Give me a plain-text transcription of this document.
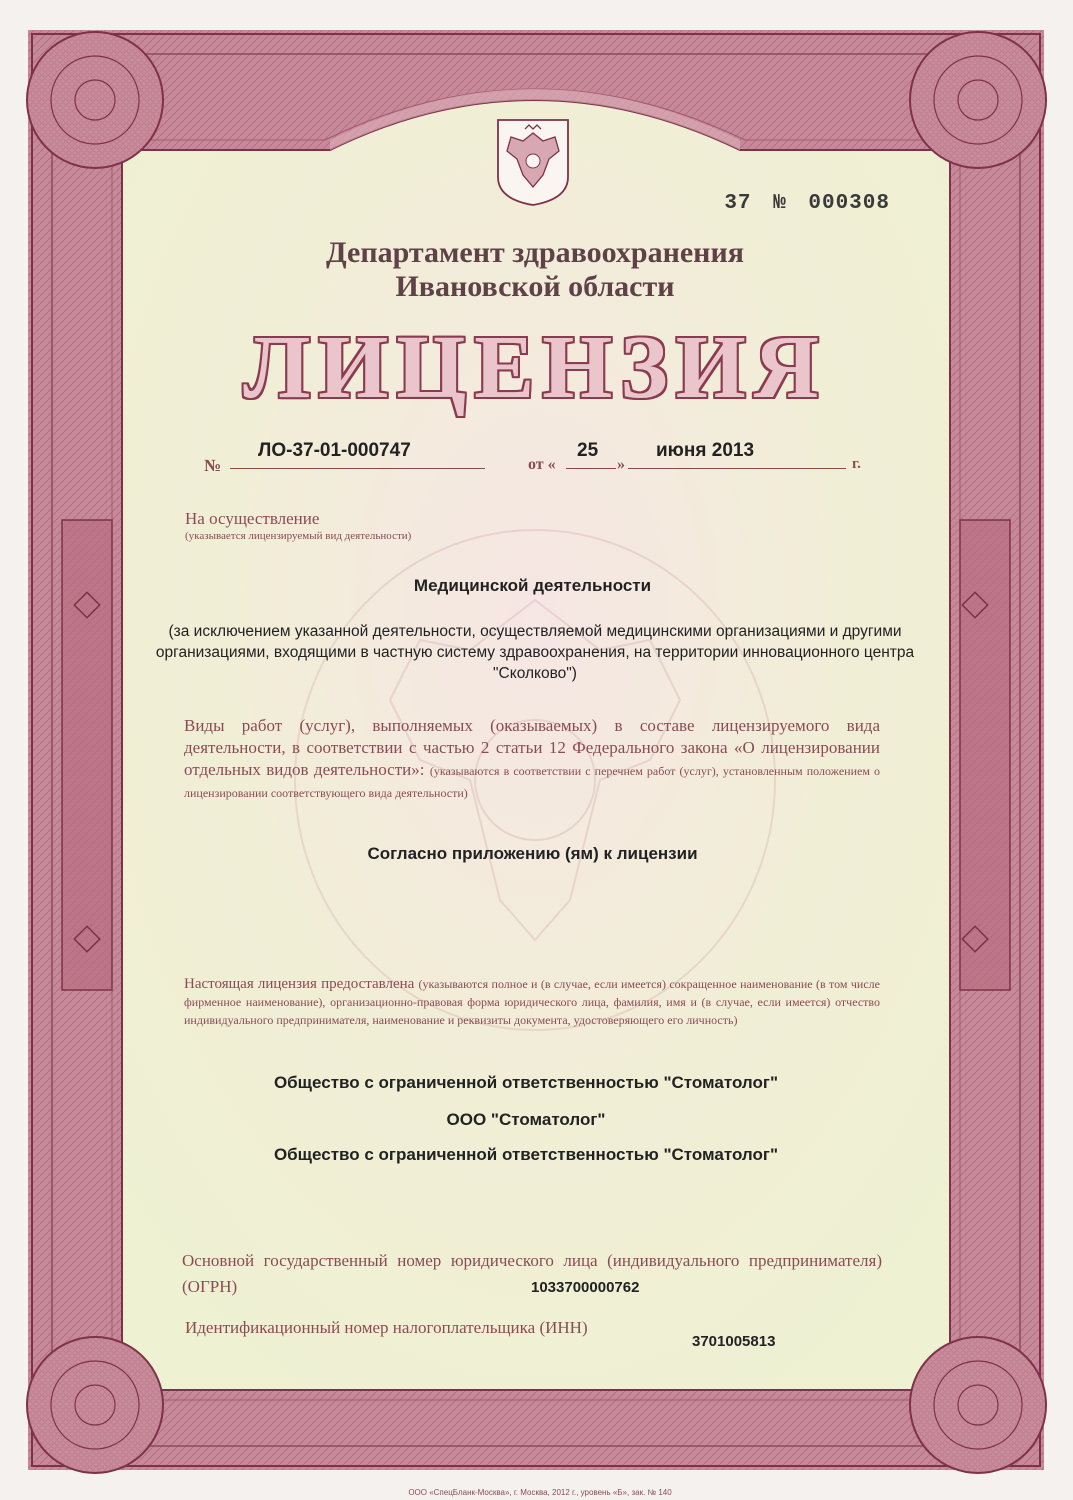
37 № 000308
Департамент здравоохранения
Ивановской области
ЛИЦЕНЗИЯ
№
ЛО-37-01-000747
от «
25
»
июня 2013
г.
На осуществление
(указывается лицензируемый вид деятельности)
Медицинской деятельности
(за исключением указанной деятельности, осуществляемой медицинскими организациями и другими организациями, входящими в частную систему здравоохранения, на территории инновационного центра "Сколково")
Виды работ (услуг), выполняемых (оказываемых) в составе лицензируемого вида деятельности, в соответствии с частью 2 статьи 12 Федерального закона «О лицензировании отдельных видов деятельности»: (указываются в соответствии с перечнем работ (услуг), установленным положением о лицензировании соответствующего вида деятельности)
Согласно приложению (ям) к лицензии
Настоящая лицензия предоставлена (указываются полное и (в случае, если имеется) сокращенное наименование (в том числе фирменное наименование), организационно-правовая форма юридического лица, фамилия, имя и (в случае, если имеется) отчество индивидуального предпринимателя, наименование и реквизиты документа, удостоверяющего его личность)
Общество с ограниченной ответственностью "Стоматолог"
ООО "Стоматолог"
Общество с ограниченной ответственностью "Стоматолог"
Основной государственный номер юридического лица (индивидуального предпринимателя) (ОГРН)	1033700000762
Идентификационный номер налогоплательщика (ИНН)
3701005813
ООО «СпецБланк-Москва», г. Москва, 2012 г., уровень «Б», зак. № 140
